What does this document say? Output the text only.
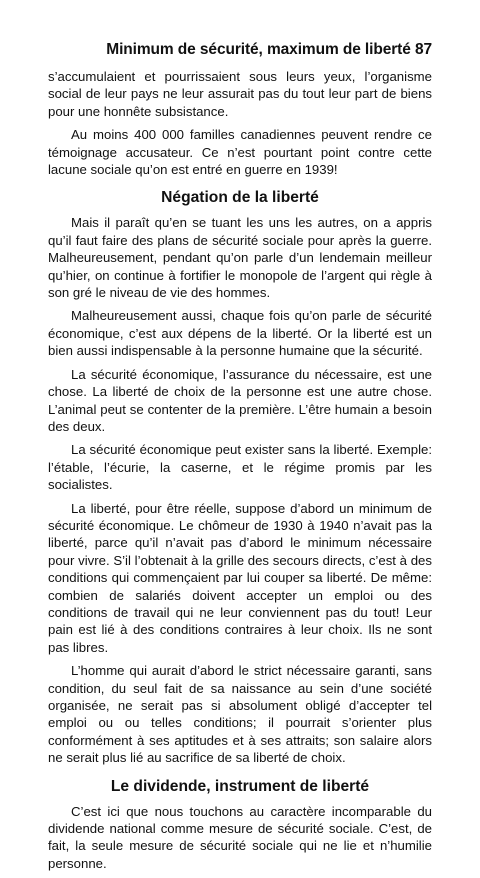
Minimum de sécurité, maximum de liberté 87

s’accumulaient et pourrissaient sous leurs yeux, l’organisme social de leur pays ne leur assurait pas du tout leur part de biens pour une honnête subsistance.

Au moins 400 000 familles canadiennes peuvent rendre ce témoignage accusateur. Ce n’est pourtant point contre cette lacune sociale qu’on est entré en guerre en 1939!

Négation de la liberté

Mais il paraît qu’en se tuant les uns les autres, on a appris qu’il faut faire des plans de sécurité sociale pour après la guerre. Malheureusement, pendant qu’on parle d’un lendemain meilleur qu’hier, on continue à fortifier le monopole de l’argent qui règle à son gré le niveau de vie des hommes.

Malheureusement aussi, chaque fois qu’on parle de sécurité économique, c’est aux dépens de la liberté. Or la liberté est un bien aussi indispensable à la personne humaine que la sécurité.

La sécurité économique, l’assurance du nécessaire, est une chose. La liberté de choix de la personne est une autre chose. L’animal peut se contenter de la première. L’être humain a besoin des deux.

La sécurité économique peut exister sans la liberté. Exemple: l’étable, l’écurie, la caserne, et le régime promis par les socialistes.

La liberté, pour être réelle, suppose d’abord un minimum de sécurité économique. Le chômeur de 1930 à 1940 n’avait pas la liberté, parce qu’il n’avait pas d’abord le minimum nécessaire pour vivre. S’il l’obtenait à la grille des secours directs, c’est à des conditions qui commençaient par lui couper sa liberté. De même: combien de salariés doivent accepter un emploi ou des conditions de travail qui ne leur conviennent pas du tout! Leur pain est lié à des conditions contraires à leur choix. Ils ne sont pas libres.

L’homme qui aurait d’abord le strict nécessaire garanti, sans condition, du seul fait de sa naissance au sein d’une société organisée, ne serait pas si absolument obligé d’accepter tel emploi ou ou telles conditions; il pourrait s’orienter plus conformément à ses aptitudes et à ses attraits; son salaire alors ne serait plus lié au sacrifice de sa liberté de choix.

Le dividende, instrument de liberté

C’est ici que nous touchons au caractère incomparable du dividende national comme mesure de sécurité sociale. C’est, de fait, la seule mesure de sécurité sociale qui ne lie et n’humilie personne.
